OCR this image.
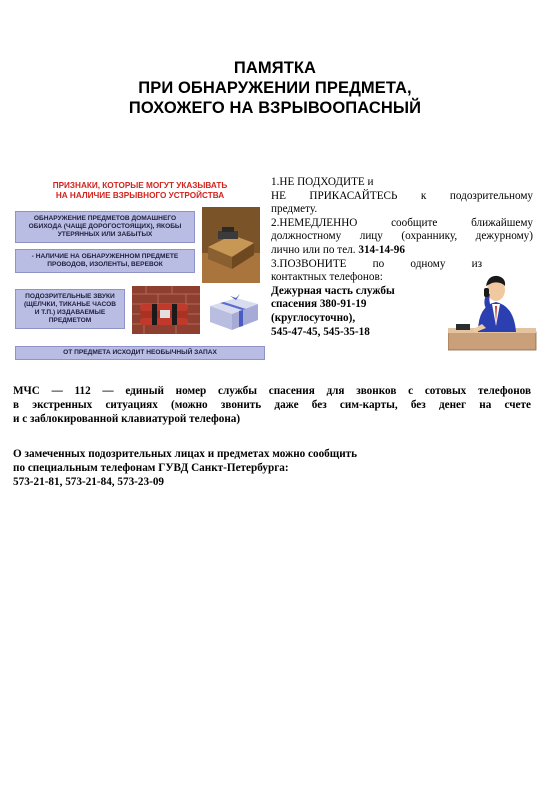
ПАМЯТКА
ПРИ ОБНАРУЖЕНИИ ПРЕДМЕТА,
ПОХОЖЕГО НА ВЗРЫВООПАСНЫЙ
ПРИЗНАКИ, КОТОРЫЕ МОГУТ УКАЗЫВАТЬ
НА НАЛИЧИЕ ВЗРЫВНОГО УСТРОЙСТВА
ОБНАРУЖЕНИЕ ПРЕДМЕТОВ ДОМАШНЕГО
ОБИХОДА (ЧАЩЕ ДОРОГОСТОЯЩИХ), ЯКОБЫ
УТЕРЯННЫХ ИЛИ ЗАБЫТЫХ
- НАЛИЧИЕ НА ОБНАРУЖЕННОМ ПРЕДМЕТЕ
ПРОВОДОВ, ИЗОЛЕНТЫ, ВЕРЕВОК
ПОДОЗРИТЕЛЬНЫЕ ЗВУКИ
(ЩЕЛЧКИ, ТИКАНЬЕ ЧАСОВ
И Т.П.) ИЗДАВАЕМЫЕ
ПРЕДМЕТОМ
ОТ ПРЕДМЕТА ИСХОДИТ НЕОБЫЧНЫЙ ЗАПАХ
1.НЕ ПОДХОДИТЕ и
НЕ ПРИКАСАЙТЕСЬ к подозрительному
предмету.
2.НЕМЕДЛЕННО сообщите ближайшему
должностному лицу (охраннику, дежурному)
лично или по тел. 314-14-96
3.ПОЗВОНИТЕ по одному из
контактных телефонов:
Дежурная часть службы
спасения 380-91-19
(круглосуточно),
545-47-45, 545-35-18
МЧС — 112 — единый номер службы спасения для звонков с сотовых телефонов
в экстренных ситуациях (можно звонить даже без сим-карты, без денег на счете
и с заблокированной клавиатурой телефона)
О замеченных подозрительных лицах и предметах можно сообщить
по специальным телефонам ГУВД Санкт-Петербурга:
573-21-81, 573-21-84, 573-23-09
